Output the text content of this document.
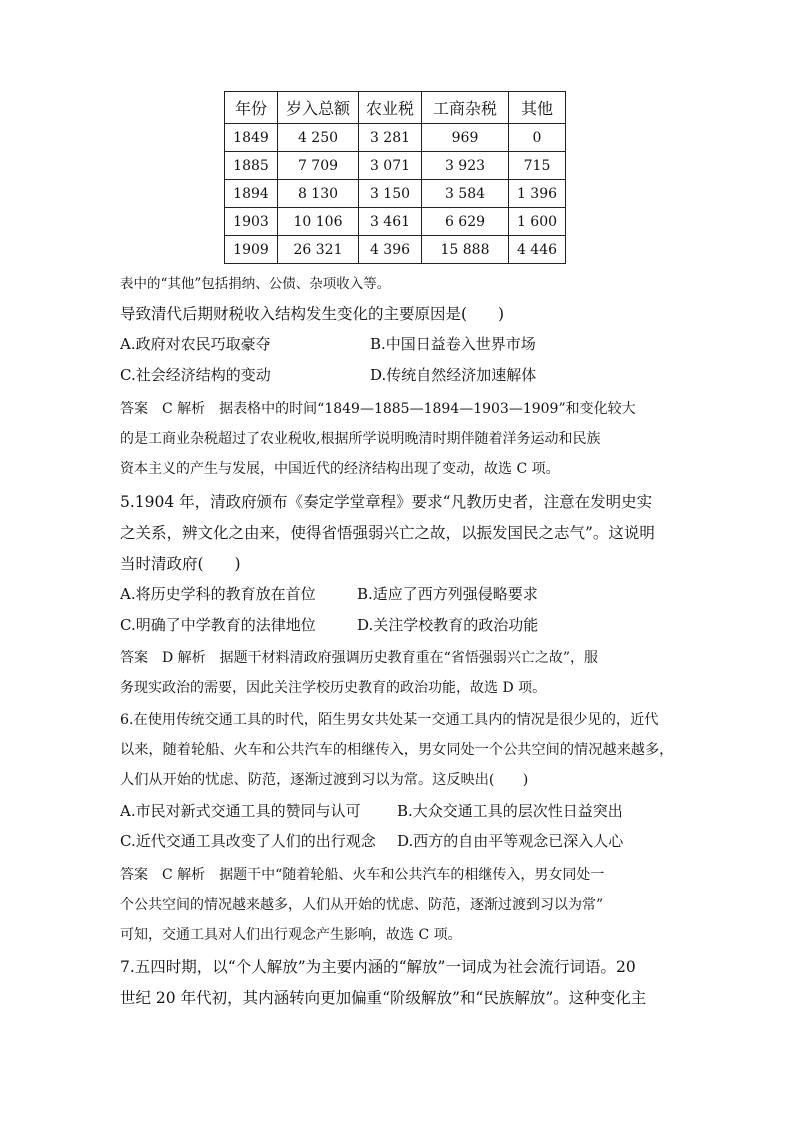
年份	岁入总额	农业税	工商杂税	其他
1849	4 250	3 281	969	0
1885	7 709	3 071	3 923	715
1894	8 130	3 150	3 584	1 396
1903	10 106	3 461	6 629	1 600
1909	26 321	4 396	15 888	4 446
表中的“其他”包括捐纳、公债、杂项收入等。
导致清代后期财税收入结构发生变化的主要原因是(　　)
A.政府对农民巧取豪夺	B.中国日益卷入世界市场
C.社会经济结构的变动	D.传统自然经济加速解体
答案　C 解析　据表格中的时间“1849—1885—1894—1903—1909”和变化较大
的是工商业杂税超过了农业税收,根据所学说明晚清时期伴随着洋务运动和民族
资本主义的产生与发展，中国近代的经济结构出现了变动，故选 C 项。
5.1904 年，清政府颁布《奏定学堂章程》要求“凡教历史者，注意在发明史实
之关系，辨文化之由来，使得省悟强弱兴亡之故，以振发国民之志气”。这说明
当时清政府(　　)
A.将历史学科的教育放在首位	B.适应了西方列强侵略要求
C.明确了中学教育的法律地位	D.关注学校教育的政治功能
答案　D 解析　据题干材料清政府强调历史教育重在“省悟强弱兴亡之故”，服
务现实政治的需要，因此关注学校历史教育的政治功能，故选 D 项。
6.在使用传统交通工具的时代，陌生男女共处某一交通工具内的情况是很少见的，近代
以来，随着轮船、火车和公共汽车的相继传入，男女同处一个公共空间的情况越来越多，
人们从开始的忧虑、防范，逐渐过渡到习以为常。这反映出(　　)
A.市民对新式交通工具的赞同与认可 B.大众交通工具的层次性日益突出
C.近代交通工具改变了人们的出行观念 D.西方的自由平等观念已深入人心
答案　C 解析　据题干中“随着轮船、火车和公共汽车的相继传入，男女同处一
个公共空间的情况越来越多，人们从开始的忧虑、防范，逐渐过渡到习以为常”
可知，交通工具对人们出行观念产生影响，故选 C 项。
7.五四时期，以“个人解放”为主要内涵的“解放”一词成为社会流行词语。20
世纪 20 年代初，其内涵转向更加偏重“阶级解放”和“民族解放”。这种变化主
